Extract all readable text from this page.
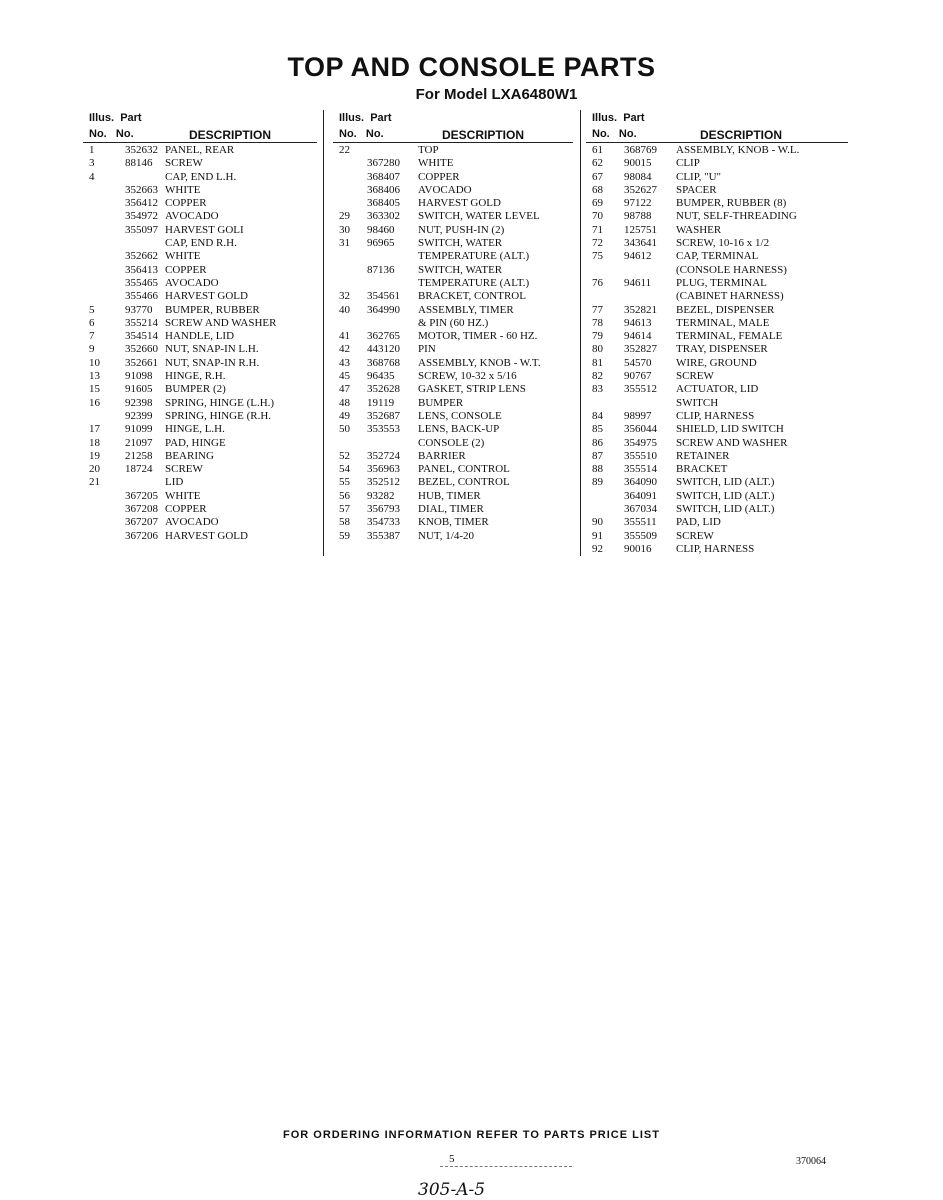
TOP AND CONSOLE PARTS
For Model LXA6480W1
Illus. Part
No. No.	DESCRIPTION
1	352632 PANEL, REAR
3	88146 SCREW
4	CAP, END L.H.
352663 WHITE
356412 COPPER
354972 AVOCADO
355097 HARVEST GOLI
CAP, END R.H.
352662 WHITE
356413 COPPER
355465 AVOCADO
355466 HARVEST GOLD
5	93770 BUMPER, RUBBER
6	355214 SCREW AND WASHER
7	354514 HANDLE, LID
9	352660 NUT, SNAP-IN L.H.
10 352661 NUT, SNAP-IN R.H.
13 91098 HINGE, R.H.
15 91605 BUMPER (2)
16 92398 SPRING, HINGE (L.H.)
92399 SPRING, HINGE (R.H.
17 91099 HINGE, L.H.
18 21097 PAD, HINGE
19 21258 BEARING
20 18724 SCREW
21	LID
367205 WHITE
367208 COPPER
367207 AVOCADO
367206 HARVEST GOLD
Illus. Part
No. No.	DESCRIPTION
22	TOP
367280 WHITE
368407 COPPER
368406 AVOCADO
368405 HARVEST GOLD
29 363302 SWITCH, WATER LEVEL
30 98460 NUT, PUSH-IN (2)
31 96965 SWITCH, WATER
TEMPERATURE (ALT.)
87136 SWITCH, WATER
TEMPERATURE (ALT.)
32 354561 BRACKET, CONTROL
40 364990 ASSEMBLY, TIMER
& PIN (60 HZ.)
41 362765 MOTOR, TIMER - 60 HZ.
42 443120 PIN
43 368768 ASSEMBLY, KNOB - W.T.
45 96435 SCREW, 10-32 x 5/16
47 352628 GASKET, STRIP LENS
48 19119 BUMPER
49 352687 LENS, CONSOLE
50 353553 LENS, BACK-UP
CONSOLE (2)
52 352724 BARRIER
54 356963 PANEL, CONTROL
55 352512 BEZEL, CONTROL
56 93282 HUB, TIMER
57 356793 DIAL, TIMER
58 354733 KNOB, TIMER
59 355387 NUT, 1/4-20
Illus. Part
No. No.	DESCRIPTION
61 368769 ASSEMBLY, KNOB - W.L.
62 90015 CLIP
67 98084 CLIP, "U"
68 352627 SPACER
69 97122 BUMPER, RUBBER (8)
70 98788 NUT, SELF-THREADING
71 125751 WASHER
72 343641 SCREW, 10-16 x 1/2
75 94612 CAP, TERMINAL
(CONSOLE HARNESS)
76 94611 PLUG, TERMINAL
(CABINET HARNESS)
77 352821 BEZEL, DISPENSER
78 94613 TERMINAL, MALE
79 94614 TERMINAL, FEMALE
80 352827 TRAY, DISPENSER
81 54570 WIRE, GROUND
82 90767 SCREW
83 355512 ACTUATOR, LID
SWITCH
84 98997 CLIP, HARNESS
85 356044 SHIELD, LID SWITCH
86 354975 SCREW AND WASHER
87 355510 RETAINER
88 355514 BRACKET
89 364090 SWITCH, LID (ALT.)
364091 SWITCH, LID (ALT.)
367034 SWITCH, LID (ALT.)
90 355511 PAD, LID
91 355509 SCREW
92 90016 CLIP, HARNESS
FOR ORDERING INFORMATION REFER TO PARTS PRICE LIST
5	370064
305-A-5
